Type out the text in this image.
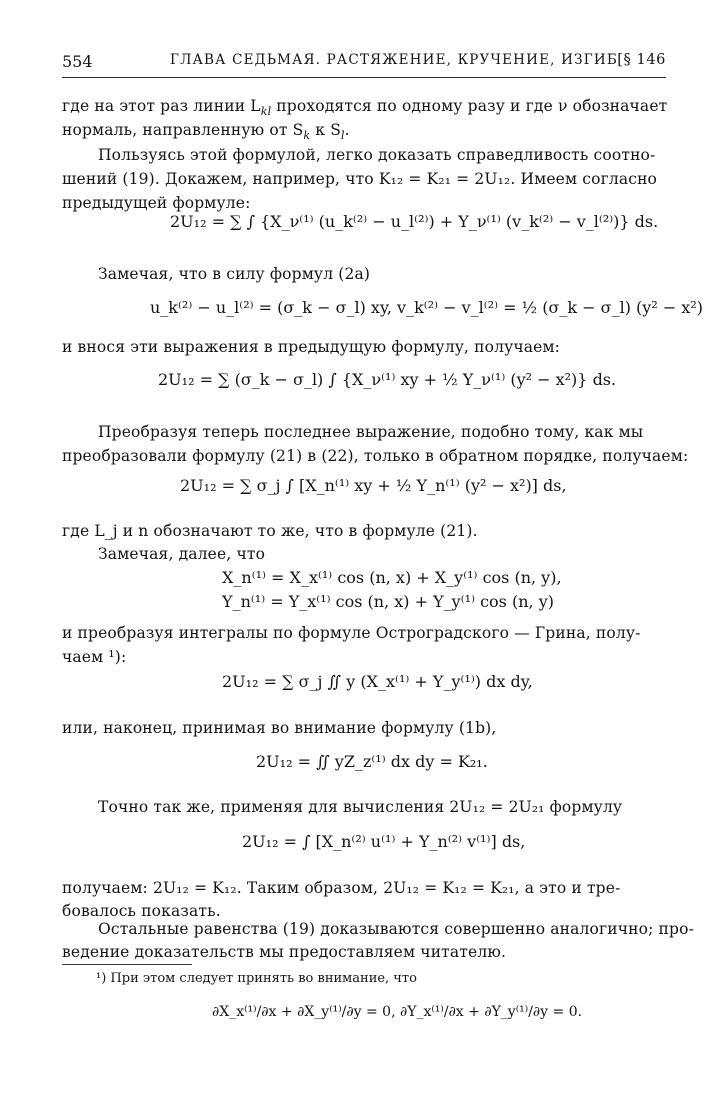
554	ГЛАВА СЕДЬМАЯ. РАСТЯЖЕНИЕ, КРУЧЕНИЕ, ИЗГИБ [§ 146
где на этот раз линии $L_{kl}$ проходятся по одному разу и где ν обозначает
нормаль, направленную от $S_k$ к $S_l$.
Пользуясь этой формулой, легко доказать справедливость соотно-
шений (19). Докажем, например, что K₁₂ = K₂₁ = 2U₁₂. Имеем согласно
предыдущей формуле:
2U₁₂ = ∑ ∫ {X_ν⁽¹⁾ (u_k⁽²⁾ − u_l⁽²⁾) + Y_ν⁽¹⁾ (v_k⁽²⁾ − v_l⁽²⁾)} ds.
Замечая, что в силу формул (2a)
u_k⁽²⁾ − u_l⁽²⁾ = (σ_k − σ_l) xy, v_k⁽²⁾ − v_l⁽²⁾ = ½ (σ_k − σ_l) (y² − x²)
и внося эти выражения в предыдущую формулу, получаем:
2U₁₂ = ∑ (σ_k − σ_l) ∫ {X_ν⁽¹⁾ xy + ½ Y_ν⁽¹⁾ (y² − x²)} ds.
Преобразуя теперь последнее выражение, подобно тому, как мы
преобразовали формулу (21) в (22), только в обратном порядке, получаем:
2U₁₂ = ∑ σ_j ∫ [X_n⁽¹⁾ xy + ½ Y_n⁽¹⁾ (y² − x²)] ds,
где L_j и n обозначают то же, что в формуле (21).
Замечая, далее, что
X_n⁽¹⁾ = X_x⁽¹⁾ cos (n, x) + X_y⁽¹⁾ cos (n, y),
Y_n⁽¹⁾ = Y_x⁽¹⁾ cos (n, x) + Y_y⁽¹⁾ cos (n, y)
и преобразуя интегралы по формуле Остроградского — Грина, полу-
чаем ¹):
2U₁₂ = ∑ σ_j ∬ y (X_x⁽¹⁾ + Y_y⁽¹⁾) dx dy,
или, наконец, принимая во внимание формулу (1b),
2U₁₂ = ∬ yZ_z⁽¹⁾ dx dy = K₂₁.
Точно так же, применяя для вычисления 2U₁₂ = 2U₂₁ формулу
2U₁₂ = ∫ [X_n⁽²⁾ u⁽¹⁾ + Y_n⁽²⁾ v⁽¹⁾] ds,
получаем: 2U₁₂ = K₁₂. Таким образом, 2U₁₂ = K₁₂ = K₂₁, а это и тре-
бовалось показать.
Остальные равенства (19) доказываются совершенно аналогично; про-
ведение доказательств мы предоставляем читателю.
¹) При этом следует принять во внимание, что
∂X_x⁽¹⁾/∂x + ∂X_y⁽¹⁾/∂y = 0, ∂Y_x⁽¹⁾/∂x + ∂Y_y⁽¹⁾/∂y = 0.
